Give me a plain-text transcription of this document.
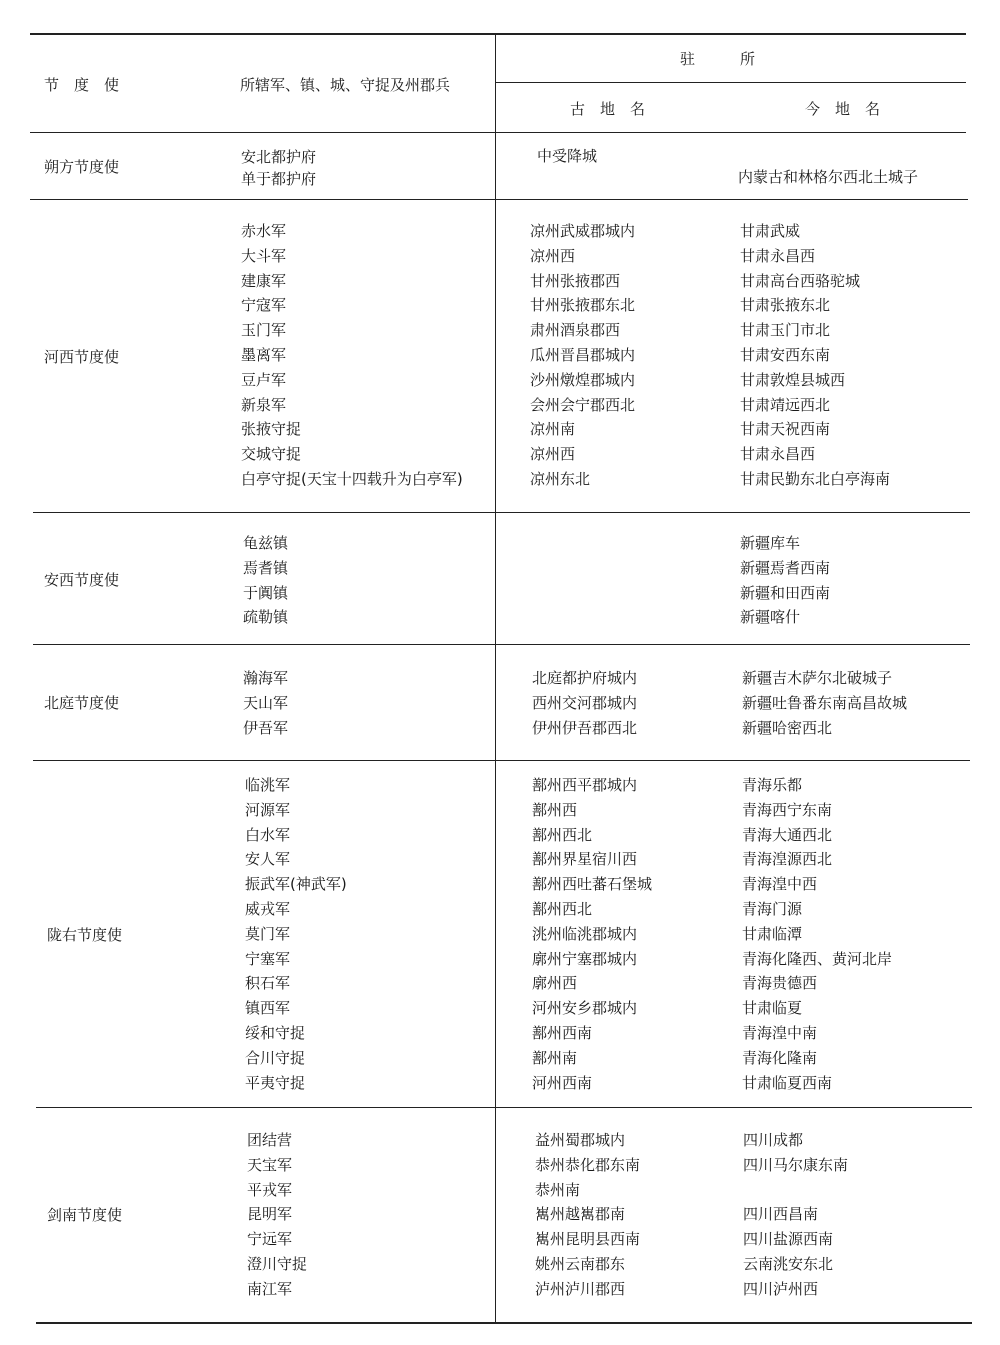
节　度　使	所辖军、镇、城、守捉及州郡兵
驻　　　所
古　地　名	今　地　名
朔方节度使
安北都护府
单于都护府
中受降城
内蒙古和林格尔西北土城子
河西节度使
赤水军
大斗军
建康军
宁寇军
玉门军
墨离军
豆卢军
新泉军
张掖守捉
交城守捉
白亭守捉(天宝十四载升为白亭军)
凉州武威郡城内
凉州西
甘州张掖郡西
甘州张掖郡东北
肃州酒泉郡西
瓜州晋昌郡城内
沙州燉煌郡城内
会州会宁郡西北
凉州南
凉州西
凉州东北
甘肃武威
甘肃永昌西
甘肃高台西骆驼城
甘肃张掖东北
甘肃玉门市北
甘肃安西东南
甘肃敦煌县城西
甘肃靖远西北
甘肃天祝西南
甘肃永昌西
甘肃民勤东北白亭海南
安西节度使
龟兹镇
焉耆镇
于阗镇
疏勒镇
新疆库车
新疆焉耆西南
新疆和田西南
新疆喀什
北庭节度使
瀚海军
天山军
伊吾军
北庭都护府城内
西州交河郡城内
伊州伊吾郡西北
新疆吉木萨尔北破城子
新疆吐鲁番东南高昌故城
新疆哈密西北
陇右节度使
临洮军
河源军
白水军
安人军
振武军(神武军)
威戎军
莫门军
宁塞军
积石军
镇西军
绥和守捉
合川守捉
平夷守捉
鄯州西平郡城内
鄯州西
鄯州西北
鄯州界星宿川西
鄯州西吐蕃石堡城
鄯州西北
洮州临洮郡城内
廓州宁塞郡城内
廓州西
河州安乡郡城内
鄯州西南
鄯州南
河州西南
青海乐都
青海西宁东南
青海大通西北
青海湟源西北
青海湟中西
青海门源
甘肃临潭
青海化隆西、黄河北岸
青海贵德西
甘肃临夏
青海湟中南
青海化隆南
甘肃临夏西南
剑南节度使
团结营
天宝军
平戎军
昆明军
宁远军
澄川守捉
南江军
益州蜀郡城内
恭州恭化郡东南
恭州南
嶲州越嶲郡南
嶲州昆明县西南
姚州云南郡东
泸州泸川郡西
四川成都
四川马尔康东南
四川西昌南
四川盐源西南
云南洮安东北
四川泸州西
